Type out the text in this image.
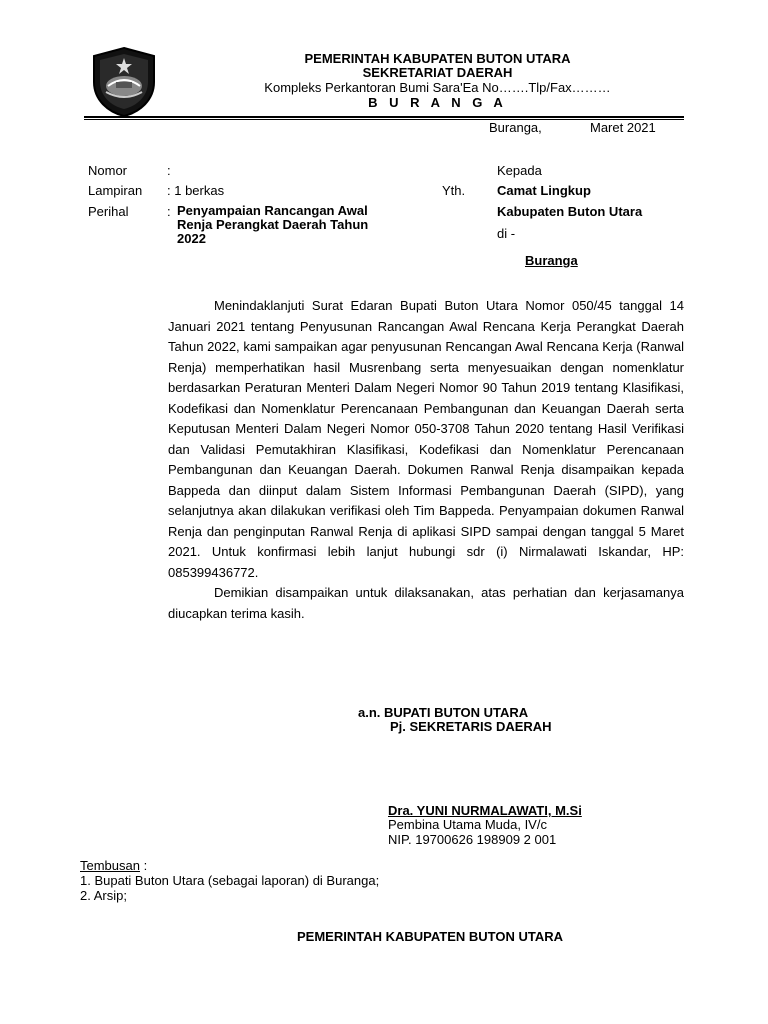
PEMERINTAH KABUPATEN BUTON UTARA
SEKRETARIAT DAERAH
Kompleks Perkantoran Bumi Sara'Ea No…….Tlp/Fax………
B U R A N G A
Buranga,	Maret 2021
Nomor	:
Lampiran : 1 berkas
Perihal	: Penyampaian Rancangan Awal
Renja Perangkat Daerah Tahun
2022
Kepada
Yth. Camat Lingkup
Kabupaten Buton Utara
di -
Buranga

Menindaklanjuti Surat Edaran Bupati Buton Utara Nomor 050/45 tanggal 14 Januari 2021 tentang Penyusunan Rancangan Awal Rencana Kerja Perangkat Daerah Tahun 2022, kami sampaikan agar penyusunan Rencangan Awal Rencana Kerja (Ranwal Renja) memperhatikan hasil Musrenbang serta menyesuaikan dengan nomenklatur berdasarkan Peraturan Menteri Dalam Negeri Nomor 90 Tahun 2019 tentang Klasifikasi, Kodefikasi dan Nomenklatur Perencanaan Pembangunan dan Keuangan Daerah serta Keputusan Menteri Dalam Negeri Nomor 050-3708 Tahun 2020 tentang Hasil Verifikasi dan Validasi Pemutakhiran Klasifikasi, Kodefikasi dan Nomenklatur Perencanaan Pembangunan dan Keuangan Daerah. Dokumen Ranwal Renja disampaikan kepada Bappeda dan diinput dalam Sistem Informasi Pembangunan Daerah (SIPD), yang selanjutnya akan dilakukan verifikasi oleh Tim Bappeda. Penyampaian dokumen Ranwal Renja dan penginputan Ranwal Renja di aplikasi SIPD sampai dengan tanggal 5 Maret 2021. Untuk konfirmasi lebih lanjut hubungi sdr (i) Nirmalawati Iskandar, HP: 085399436772.

Demikian disampaikan untuk dilaksanakan, atas perhatian dan kerjasamanya diucapkan terima kasih.

a.n. BUPATI BUTON UTARA
Pj. SEKRETARIS DAERAH
Dra. YUNI NURMALAWATI, M.Si
Pembina Utama Muda, IV/c
NIP. 19700626 198909 2 001
Tembusan :
1. Bupati Buton Utara (sebagai laporan) di Buranga;
2. Arsip;
PEMERINTAH KABUPATEN BUTON UTARA
